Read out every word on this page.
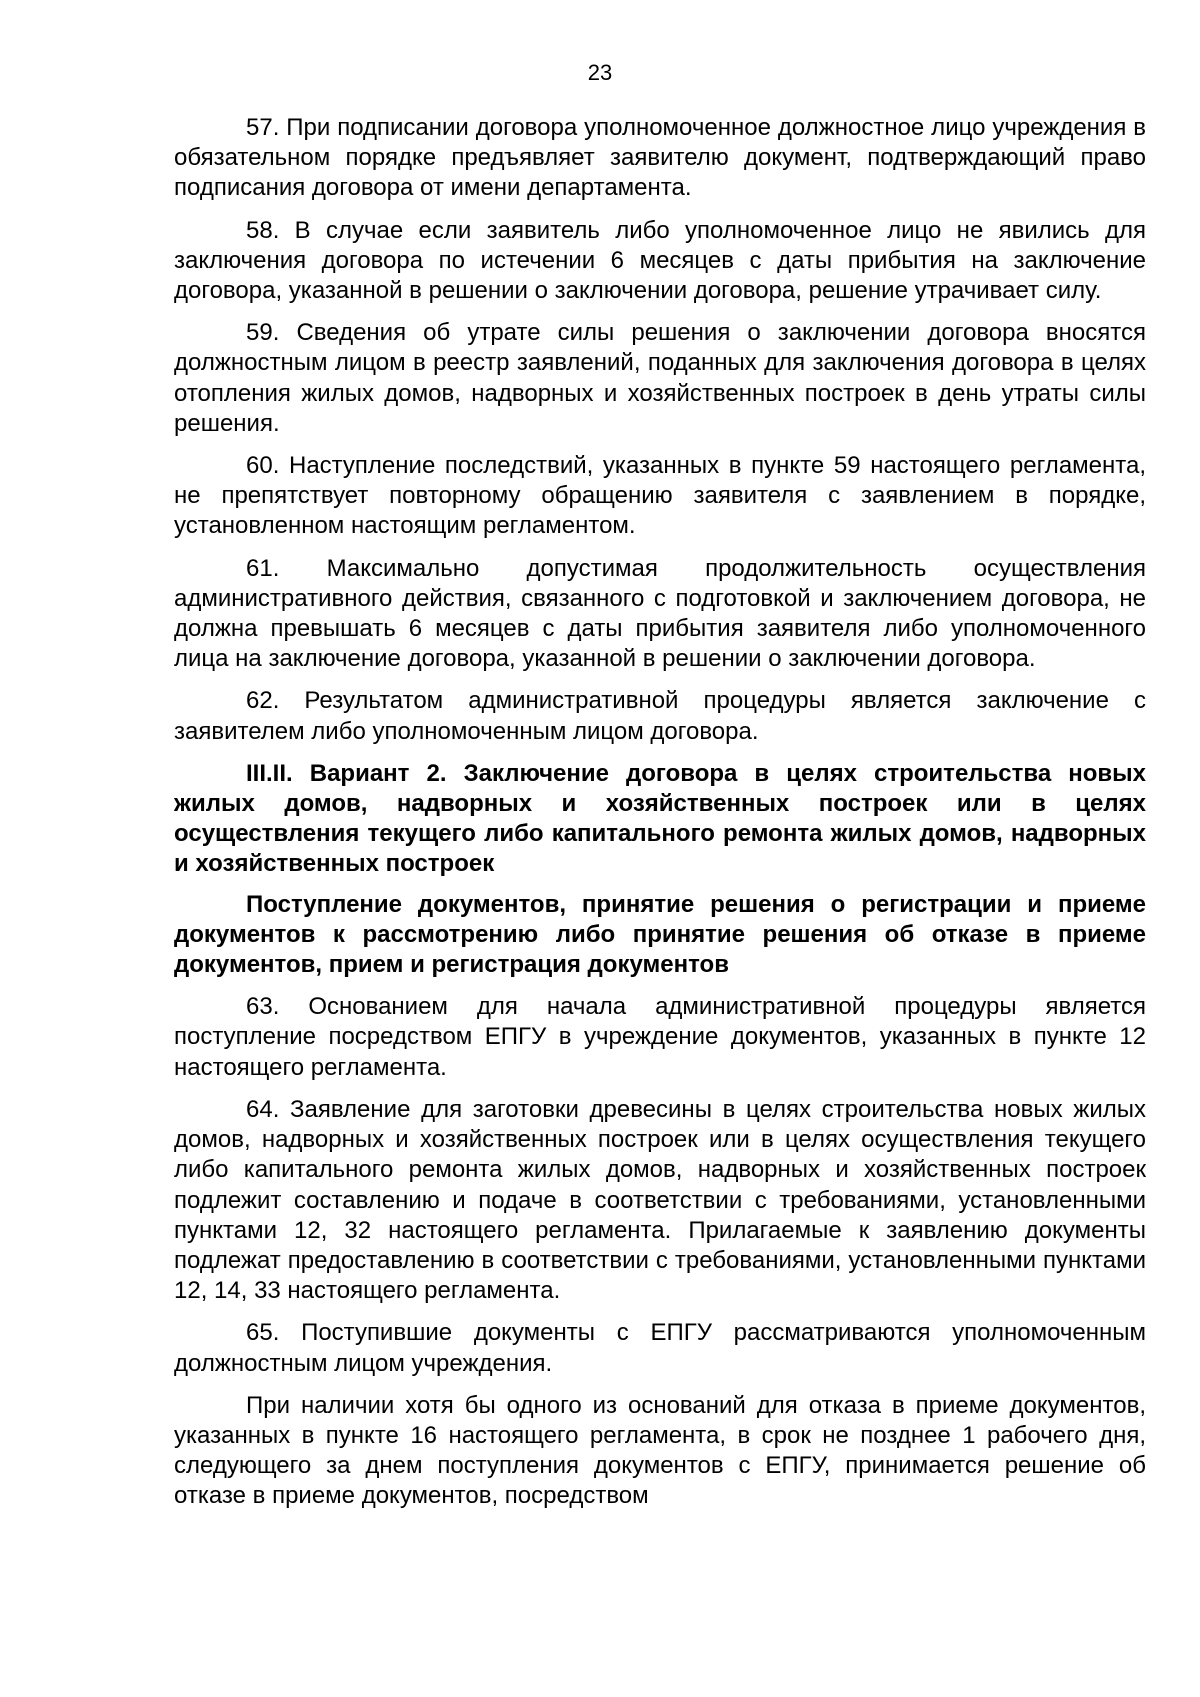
23

57. При подписании договора уполномоченное должностное лицо учреждения в обязательном порядке предъявляет заявителю документ, подтверждающий право подписания договора от имени департамента.

58. В случае если заявитель либо уполномоченное лицо не явились для заключения договора по истечении 6 месяцев с даты прибытия на заключение договора, указанной в решении о заключении договора, решение утрачивает силу.

59. Сведения об утрате силы решения о заключении договора вносятся должностным лицом в реестр заявлений, поданных для заключения договора в целях отопления жилых домов, надворных и хозяйственных построек в день утраты силы решения.

60. Наступление последствий, указанных в пункте 59 настоящего регламента, не препятствует повторному обращению заявителя с заявлением в порядке, установленном настоящим регламентом.

61. Максимально допустимая продолжительность осуществления административного действия, связанного с подготовкой и заключением договора, не должна превышать 6 месяцев с даты прибытия заявителя либо уполномоченного лица на заключение договора, указанной в решении о заключении договора.

62. Результатом административной процедуры является заключение с заявителем либо уполномоченным лицом договора.

III.II. Вариант 2. Заключение договора в целях строительства новых жилых домов, надворных и хозяйственных построек или в целях осуществления текущего либо капитального ремонта жилых домов, надворных и хозяйственных построек

Поступление документов, принятие решения о регистрации и приеме документов к рассмотрению либо принятие решения об отказе в приеме документов, прием и регистрация документов

63. Основанием для начала административной процедуры является поступление посредством ЕПГУ в учреждение документов, указанных в пункте 12 настоящего регламента.

64. Заявление для заготовки древесины в целях строительства новых жилых домов, надворных и хозяйственных построек или в целях осуществления текущего либо капитального ремонта жилых домов, надворных и хозяйственных построек подлежит составлению и подаче в соответствии с требованиями, установленными пунктами 12, 32 настоящего регламента. Прилагаемые к заявлению документы подлежат предоставлению в соответствии с требованиями, установленными пунктами 12, 14, 33 настоящего регламента.

65. Поступившие документы с ЕПГУ рассматриваются уполномоченным должностным лицом учреждения.

При наличии хотя бы одного из оснований для отказа в приеме документов, указанных в пункте 16 настоящего регламента, в срок не позднее 1 рабочего дня, следующего за днем поступления документов с ЕПГУ, принимается решение об отказе в приеме документов, посредством
